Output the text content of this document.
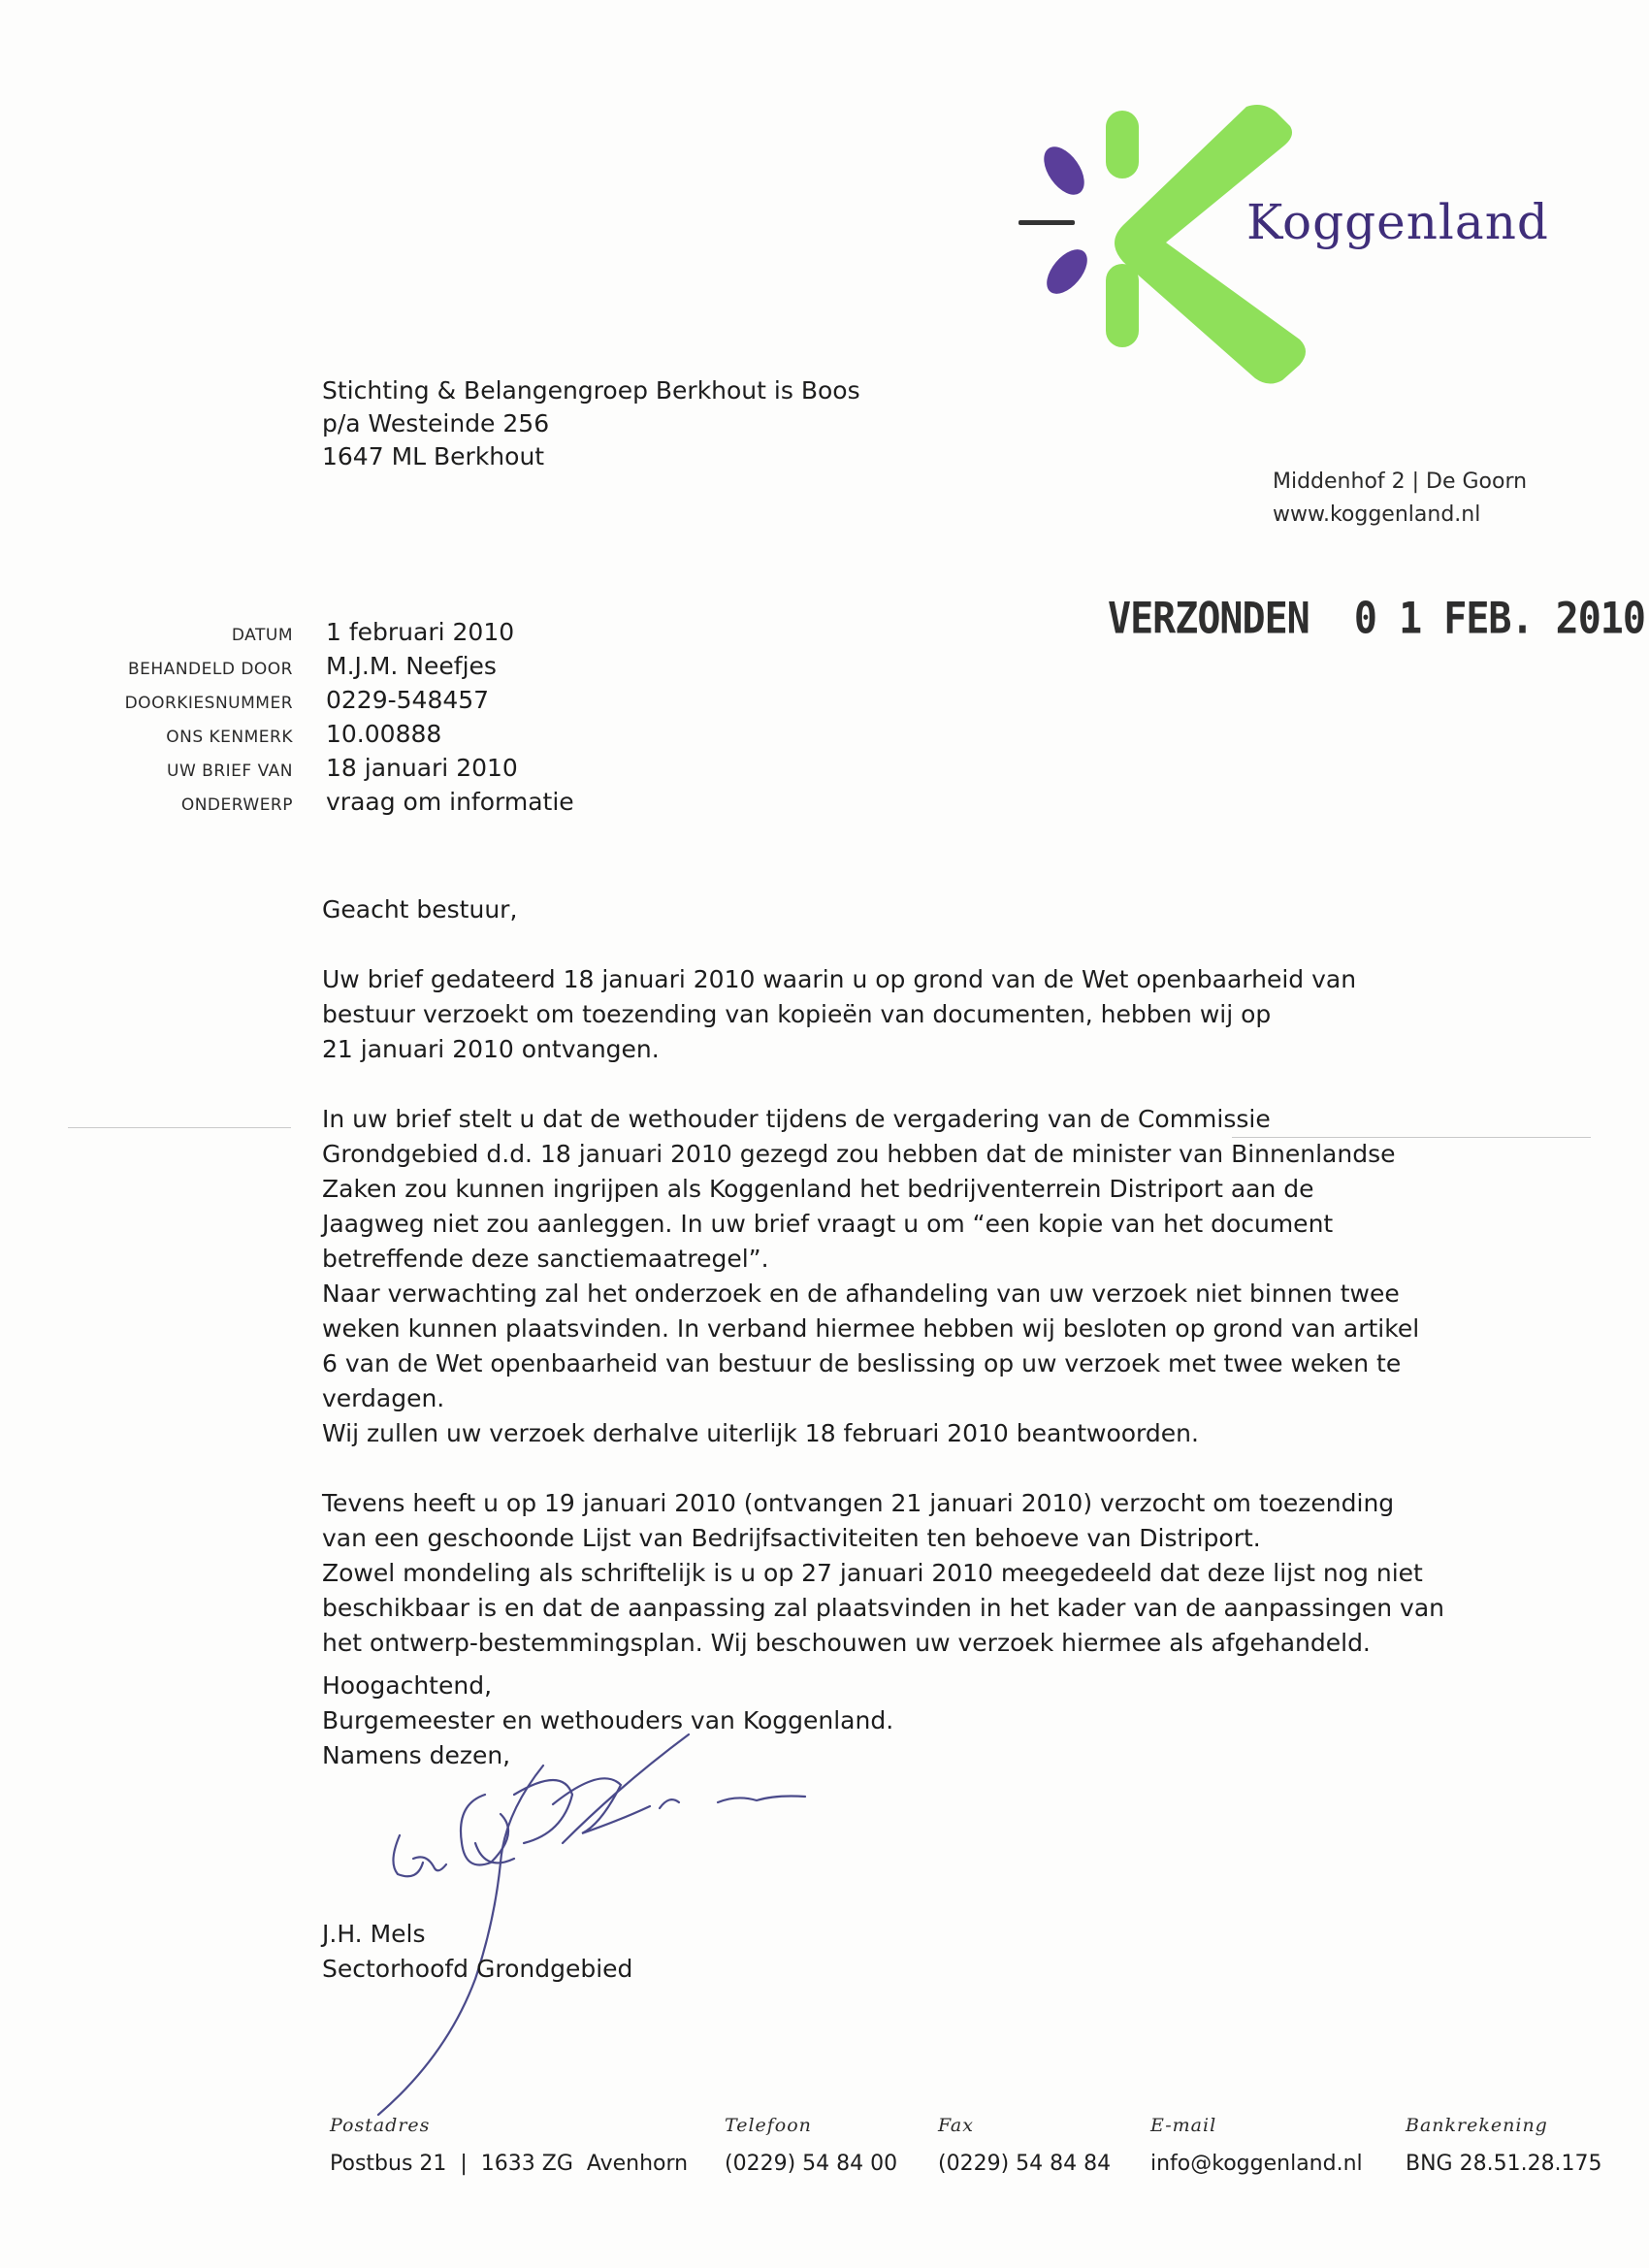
Koggenland
Stichting & Belangengroep Berkhout is Boos
p/a Westeinde 256
1647 ML Berkhout
Middenhof 2 | De Goorn
www.koggenland.nl
VERZONDEN  0 1 FEB. 2010
DATUM 1 februari 2010
BEHANDELD DOOR M.J.M. Neefjes
DOORKIESNUMMER 0229-548457
ONS KENMERK 10.00888
UW BRIEF VAN 18 januari 2010
ONDERWERP vraag om informatie

Geacht bestuur,

Uw brief gedateerd 18 januari 2010 waarin u op grond van de Wet openbaarheid van

bestuur verzoekt om toezending van kopieën van documenten, hebben wij op

21 januari 2010 ontvangen.

In uw brief stelt u dat de wethouder tijdens de vergadering van de Commissie

Grondgebied d.d. 18 januari 2010 gezegd zou hebben dat de minister van Binnenlandse

Zaken zou kunnen ingrijpen als Koggenland het bedrijventerrein Distriport aan de

Jaagweg niet zou aanleggen. In uw brief vraagt u om “een kopie van het document

betreffende deze sanctiemaatregel”.

Naar verwachting zal het onderzoek en de afhandeling van uw verzoek niet binnen twee

weken kunnen plaatsvinden. In verband hiermee hebben wij besloten op grond van artikel

6 van de Wet openbaarheid van bestuur de beslissing op uw verzoek met twee weken te

verdagen.

Wij zullen uw verzoek derhalve uiterlijk 18 februari 2010 beantwoorden.

Tevens heeft u op 19 januari 2010 (ontvangen 21 januari 2010) verzocht om toezending

van een geschoonde Lijst van Bedrijfsactiviteiten ten behoeve van Distriport.

Zowel mondeling als schriftelijk is u op 27 januari 2010 meegedeeld dat deze lijst nog niet

beschikbaar is en dat de aanpassing zal plaatsvinden in het kader van de aanpassingen van

het ontwerp-bestemmingsplan. Wij beschouwen uw verzoek hiermee als afgehandeld.

Hoogachtend,
Burgemeester en wethouders van Koggenland.
Namens dezen,
J.H. Mels
Sectorhoofd Grondgebied
Postadres
Postbus 21  |  1633 ZG  Avenhorn
Telefoon
(0229) 54 84 00
Fax
(0229) 54 84 84
E-mail
info@koggenland.nl
Bankrekening
BNG 28.51.28.175
